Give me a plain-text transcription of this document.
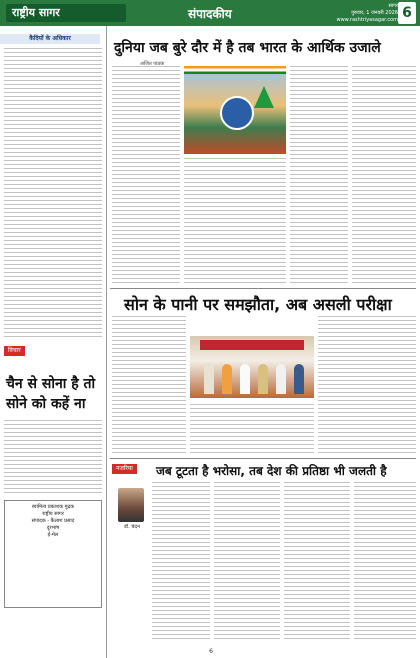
राष्ट्रीय सागर	संपादकीय
सागर
गुरुवार, 1 जनवरी 2026
www.rashtriyasagar.com 6
कैदियों के अधिकार
विचार
चैन से सोना है तो सोने को कहें ना
स्वामित्व प्रकाशक मुद्रक
राष्ट्रीय सागर
संपादक - कैलाश प्रसाद
दूरभाष
ई-मेल
दुनिया जब बुरे दौर में है तब भारत के आर्थिक उजाले
अजित पाठक
सोन के पानी पर समझौता, अब असली परीक्षा
नजरिया	जब टूटता है भरोसा, तब देश की प्रतिष्ठा भी जलती है
डॉ. चंदन
6
